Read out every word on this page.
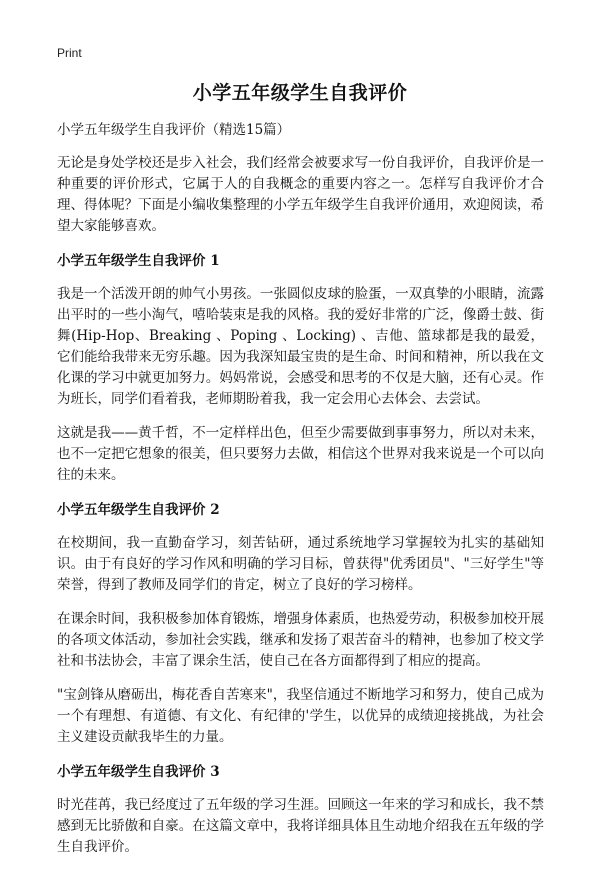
Print
小学五年级学生自我评价
小学五年级学生自我评价（精选15篇）

无论是身处学校还是步入社会，我们经常会被要求写一份自我评价，自我评价是一种重要的评价形式，它属于人的自我概念的重要内容之一。怎样写自我评价才合理、得体呢？下面是小编收集整理的小学五年级学生自我评价通用，欢迎阅读，希望大家能够喜欢。

小学五年级学生自我评价 1

我是一个活泼开朗的帅气小男孩。一张圆似皮球的脸蛋，一双真挚的小眼睛，流露出平时的一些小淘气，嘻哈装束是我的风格。我的爱好非常的广泛，像爵士鼓、街舞(Hip-Hop、Breaking 、Poping 、Locking) 、吉他、篮球都是我的最爱，它们能给我带来无穷乐趣。因为我深知最宝贵的是生命、时间和精神，所以我在文化课的学习中就更加努力。妈妈常说，会感受和思考的不仅是大脑，还有心灵。作为班长，同学们看着我，老师期盼着我，我一定会用心去体会、去尝试。

这就是我——黄千哲，不一定样样出色，但至少需要做到事事努力，所以对未来，也不一定把它想象的很美，但只要努力去做，相信这个世界对我来说是一个可以向往的未来。

小学五年级学生自我评价 2

在校期间，我一直勤奋学习，刻苦钻研，通过系统地学习掌握较为扎实的基础知识。由于有良好的学习作风和明确的学习目标，曾获得"优秀团员"、"三好学生"等荣誉，得到了教师及同学们的肯定，树立了良好的学习榜样。

在课余时间，我积极参加体育锻炼，增强身体素质，也热爱劳动，积极参加校开展的各项文体活动，参加社会实践，继承和发扬了艰苦奋斗的精神，也参加了校文学社和书法协会，丰富了课余生活，使自己在各方面都得到了相应的提高。

"宝剑锋从磨砺出，梅花香自苦寒来"，我坚信通过不断地学习和努力，使自己成为一个有理想、有道德、有文化、有纪律的'学生，以优异的成绩迎接挑战，为社会主义建设贡献我毕生的力量。

小学五年级学生自我评价 3

时光荏苒，我已经度过了五年级的学习生涯。回顾这一年来的学习和成长，我不禁感到无比骄傲和自豪。在这篇文章中，我将详细具体且生动地介绍我在五年级的学生自我评价。
